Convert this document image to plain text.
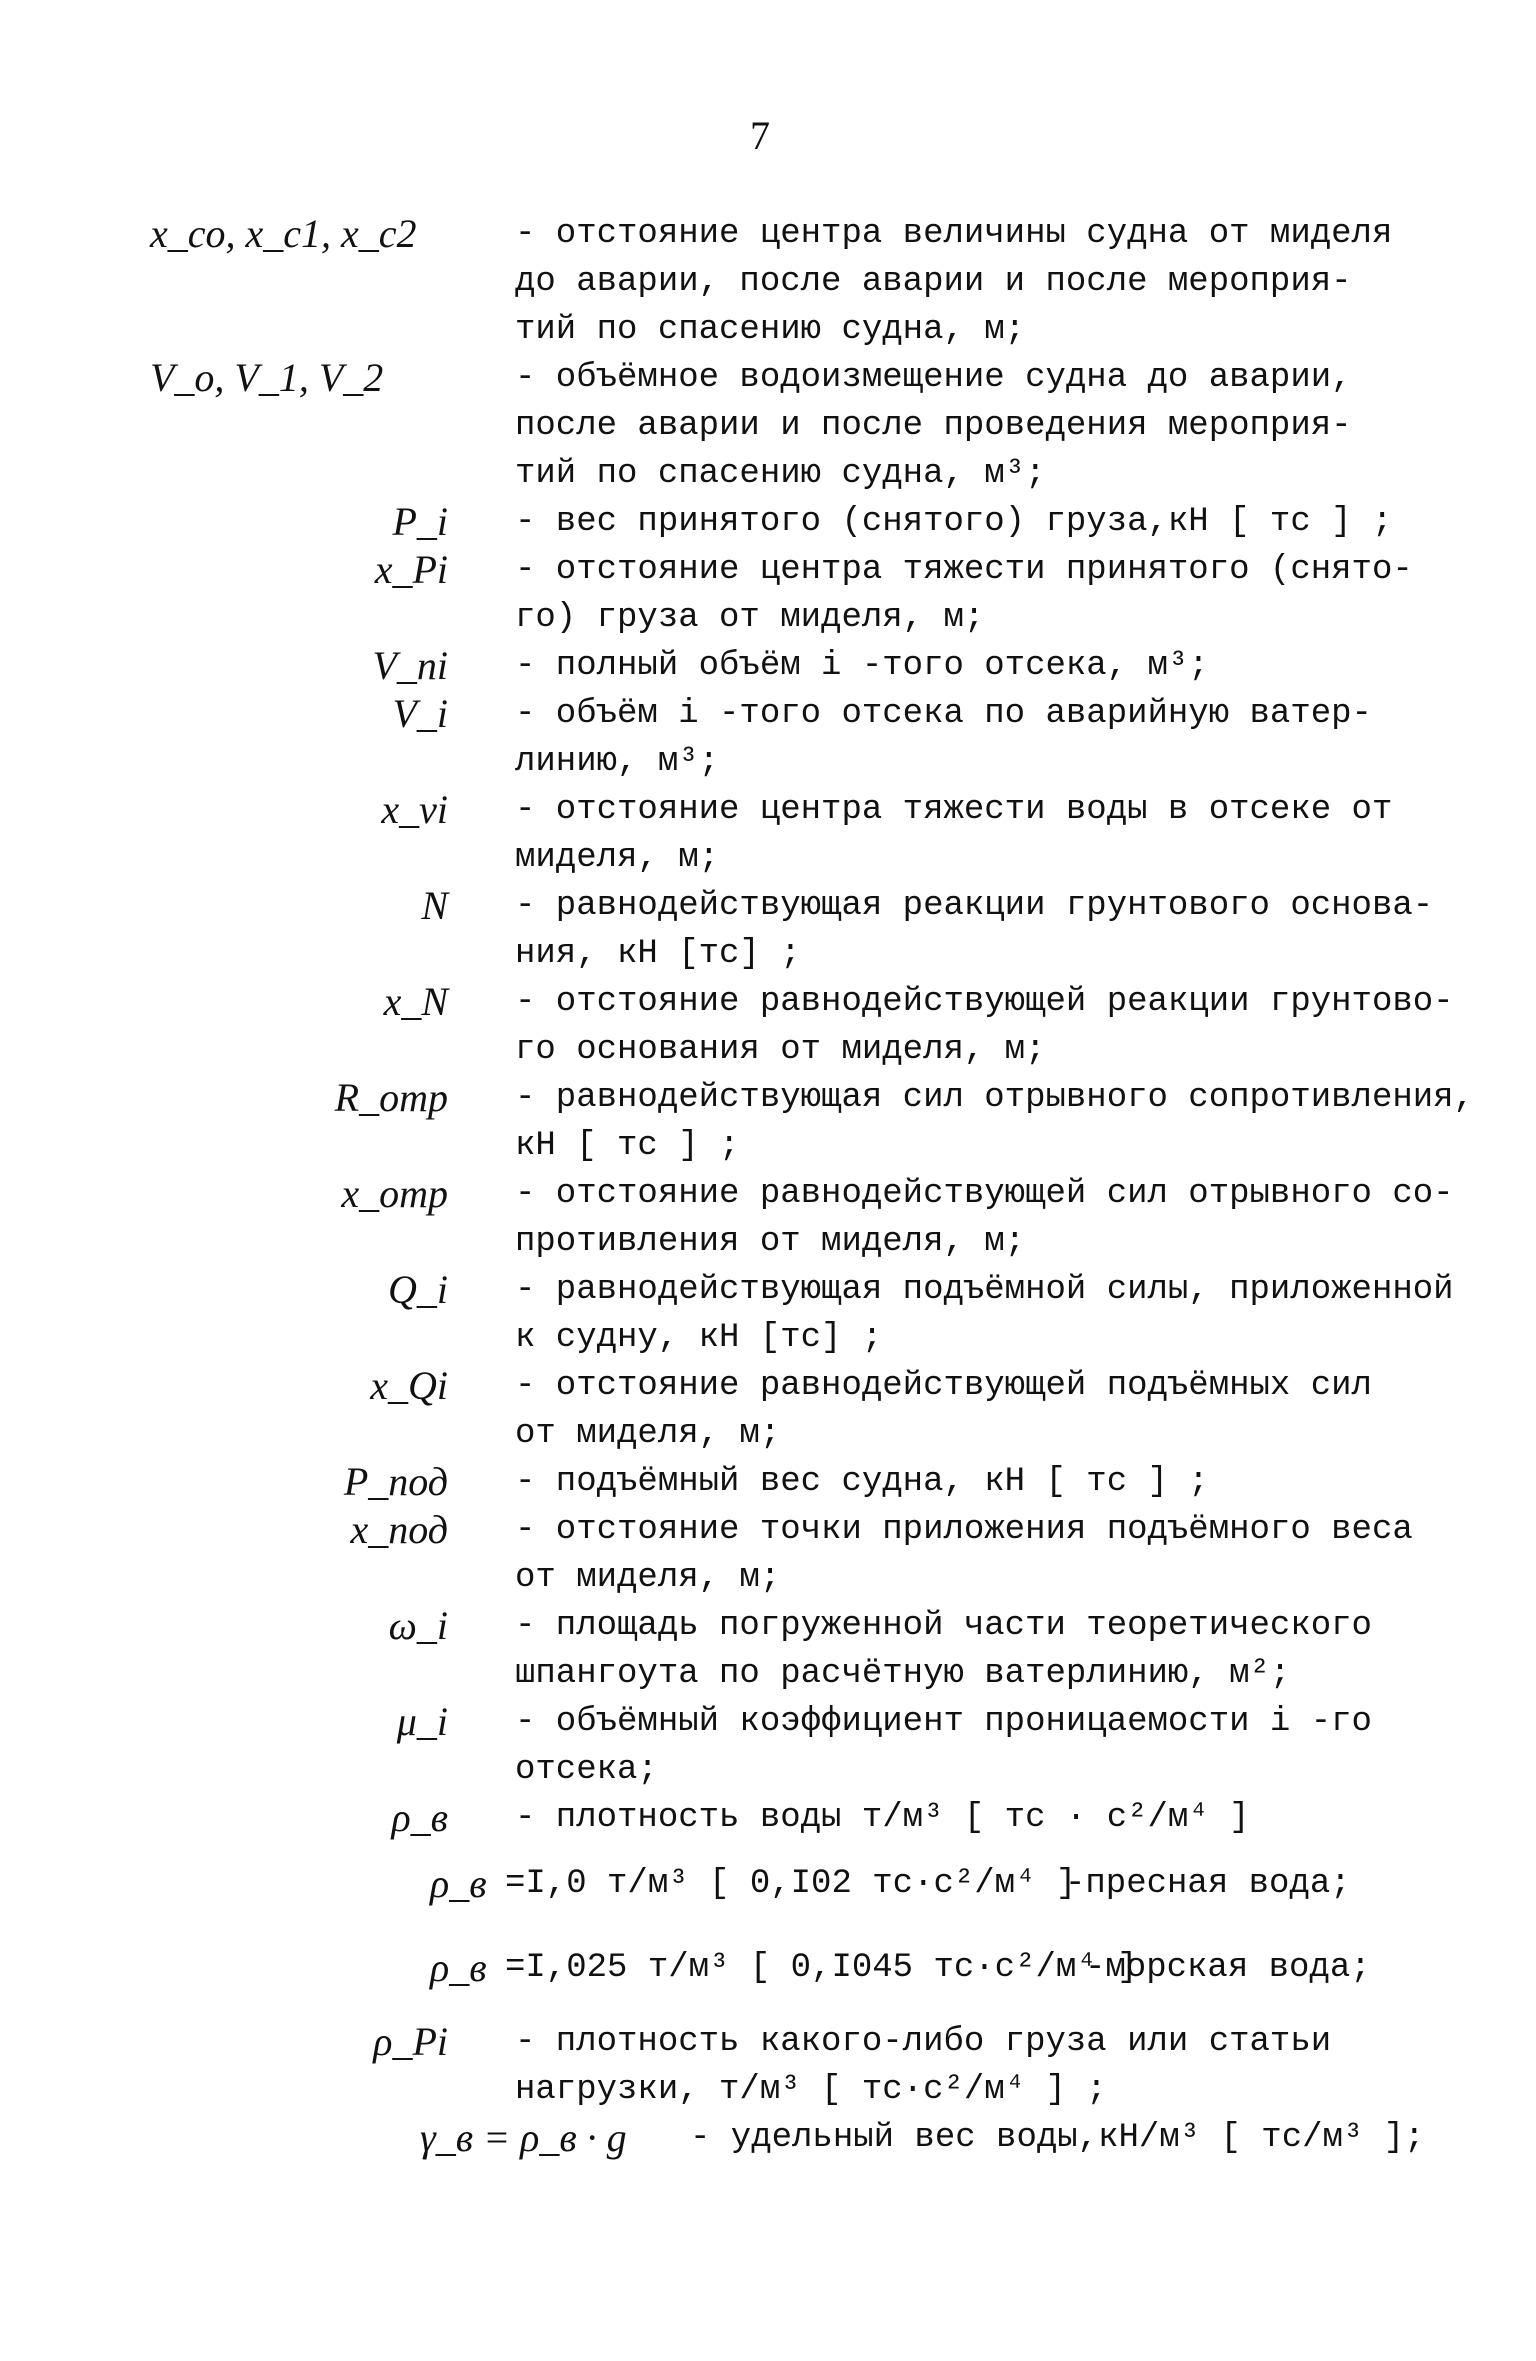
7
x_co, x_c1, x_c2	- отстояние центра величины судна от миделя
до аварии, после аварии и после мероприя-
тий по спасению судна, м;
V_o, V_1, V_2	- объёмное водоизмещение судна до аварии,
после аварии и после проведения мероприя-
тий по спасению судна, м³;
P_i - вес принятого (снятого) груза,кН [ тс ] ;
x_Pi - отстояние центра тяжести принятого (снято-
го) груза от миделя, м;
V_ni - полный объём i -того отсека, м³;
V_i - объём i -того отсека по аварийную ватер-
линию, м³;
x_vi - отстояние центра тяжести воды в отсеке от
миделя, м;
N - равнодействующая реакции грунтового основа-
ния, кН [тс] ;
x_N - отстояние равнодействующей реакции грунтово-
го основания от миделя, м;
R_отр - равнодействующая сил отрывного сопротивления,
кН [ тс ] ;
x_отр - отстояние равнодействующей сил отрывного со-
противления от миделя, м;
Q_i - равнодействующая подъёмной силы, приложенной
к судну, кН [тс] ;
x_Qi - отстояние равнодействующей подъёмных сил
от миделя, м;
P_под - подъёмный вес судна, кН [ тс ] ;
x_под - отстояние точки приложения подъёмного веса
от миделя, м;
ω_i - площадь погруженной части теоретического
шпангоута по расчётную ватерлинию, м²;
μ_i - объёмный коэффициент проницаемости i -го
отсека;
ρ_в - плотность воды т/м³ [ тс · с²/м⁴ ]
ρ_в =I,0 т/м³ [ 0,I02 тс·с²/м⁴ ]
-пресная вода;
ρ_в =I,025 т/м³ [ 0,I045 тс·с²/м⁴ ]
-морская вода;
ρ_Pi - плотность какого-либо груза или статьи
нагрузки, т/м³ [ тс·с²/м⁴ ] ;
γ_в = ρ_в · g - удельный вес воды,кН/м³ [ тс/м³ ];
